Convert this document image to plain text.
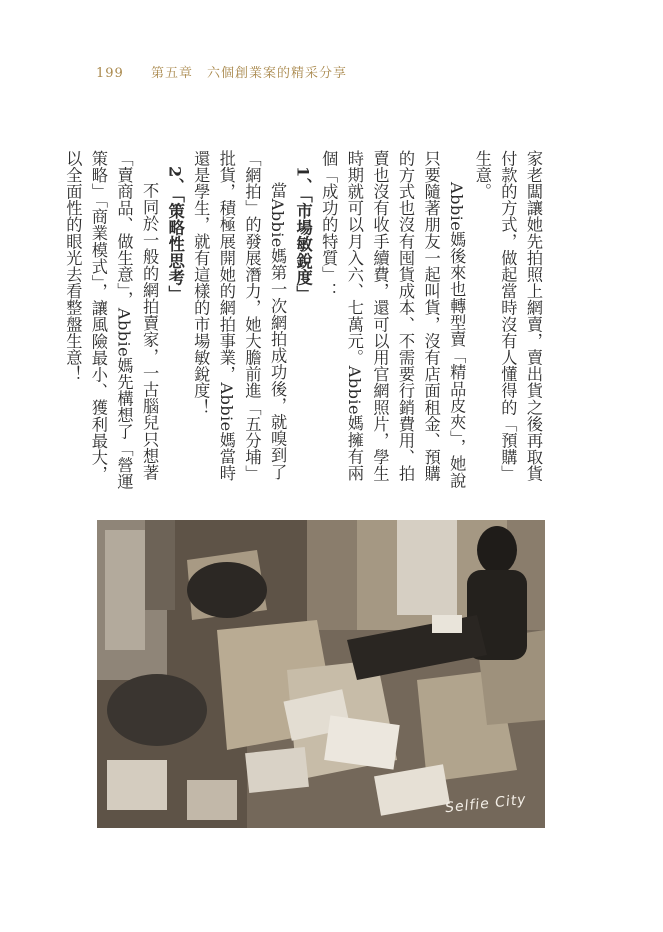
199 第五章　六個創業案的精采分享

家老闆讓她先拍照上網賣，賣出貨之後再取貨付款的方式，做起當時沒有人懂得的「預購」生意。

Abbie媽後來也轉型賣「精品皮夾」，她說只要隨著朋友一起叫貨，沒有店面租金、預購的方式也沒有囤貨成本、不需要行銷費用、拍賣也沒有收手續費，還可以用官網照片，學生時期就可以月入六、七萬元。Abbie媽擁有兩個「成功的特質」：

1、「市場敏銳度」

當Abbie媽第一次網拍成功後，就嗅到了「網拍」的發展潛力，她大膽前進「五分埔」批貨，積極展開她的網拍事業，Abbie媽當時還是學生，就有這樣的市場敏銳度！

2、「策略性思考」

不同於一般的網拍賣家，一古腦兒只想著「賣商品、做生意」，Abbie媽先構想了「營運策略」「商業模式」，讓風險最小、獲利最大，以全面性的眼光去看整盤生意！

Selfie City
